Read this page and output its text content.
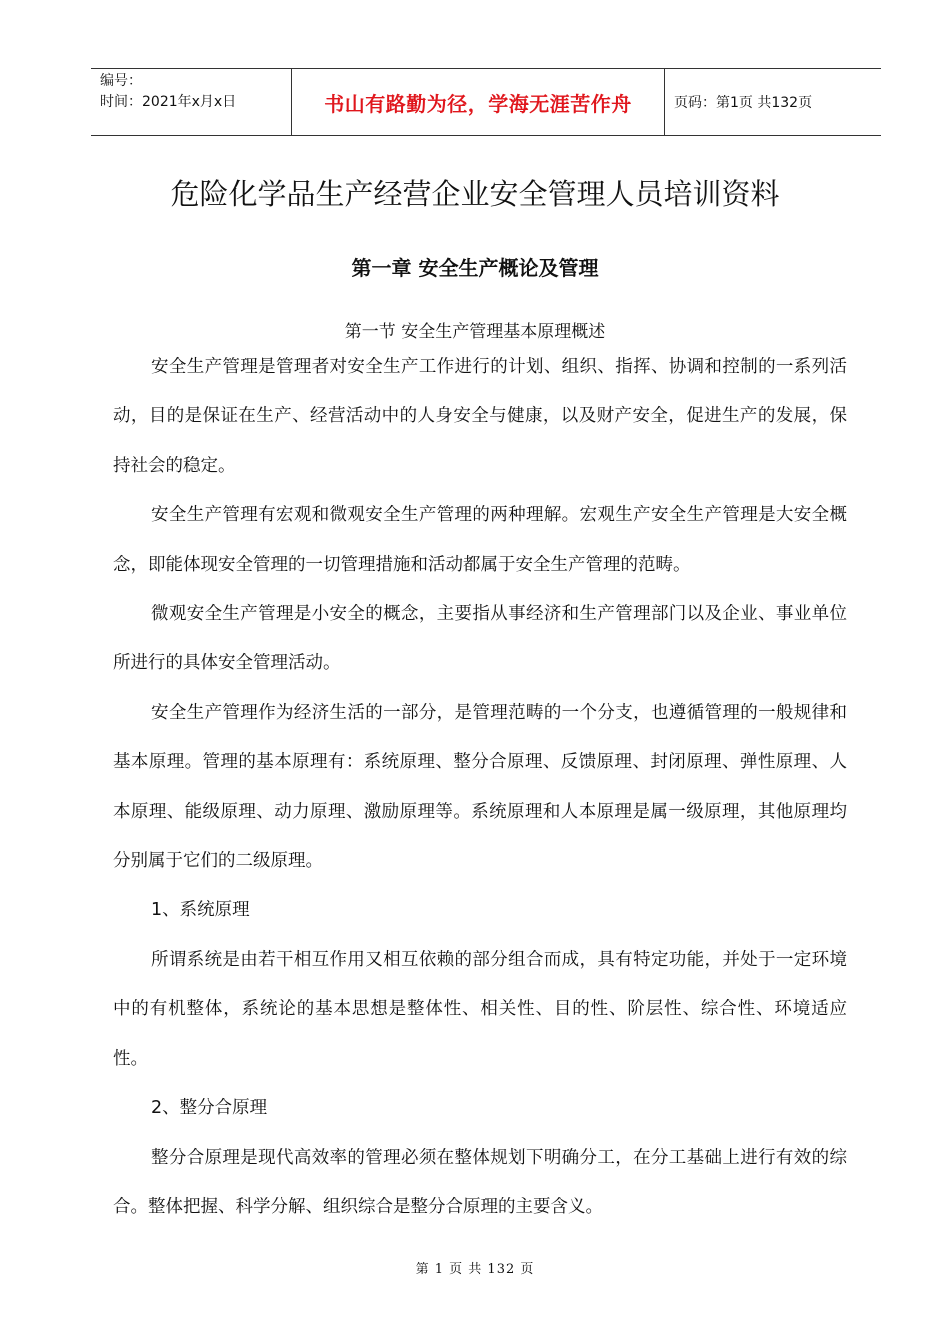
编号：
时间：2021年x月x日	书山有路勤为径，学海无涯苦作舟	页码：第1页 共132页
危险化学品生产经营企业安全管理人员培训资料
第一章 安全生产概论及管理
第一节 安全生产管理基本原理概述

安全生产管理是管理者对安全生产工作进行的计划、组织、指挥、协调和控制的一系列活动，目的是保证在生产、经营活动中的人身安全与健康，以及财产安全，促进生产的发展，保持社会的稳定。

安全生产管理有宏观和微观安全生产管理的两种理解。宏观生产安全生产管理是大安全概念，即能体现安全管理的一切管理措施和活动都属于安全生产管理的范畴。

微观安全生产管理是小安全的概念，主要指从事经济和生产管理部门以及企业、事业单位所进行的具体安全管理活动。

安全生产管理作为经济生活的一部分，是管理范畴的一个分支，也遵循管理的一般规律和基本原理。管理的基本原理有：系统原理、整分合原理、反馈原理、封闭原理、弹性原理、人本原理、能级原理、动力原理、激励原理等。系统原理和人本原理是属一级原理，其他原理均分别属于它们的二级原理。

1、系统原理

所谓系统是由若干相互作用又相互依赖的部分组合而成，具有特定功能，并处于一定环境中的有机整体，系统论的基本思想是整体性、相关性、目的性、阶层性、综合性、环境适应性。

2、整分合原理

整分合原理是现代高效率的管理必须在整体规划下明确分工，在分工基础上进行有效的综合。整体把握、科学分解、组织综合是整分合原理的主要含义。

第 1 页 共 132 页
